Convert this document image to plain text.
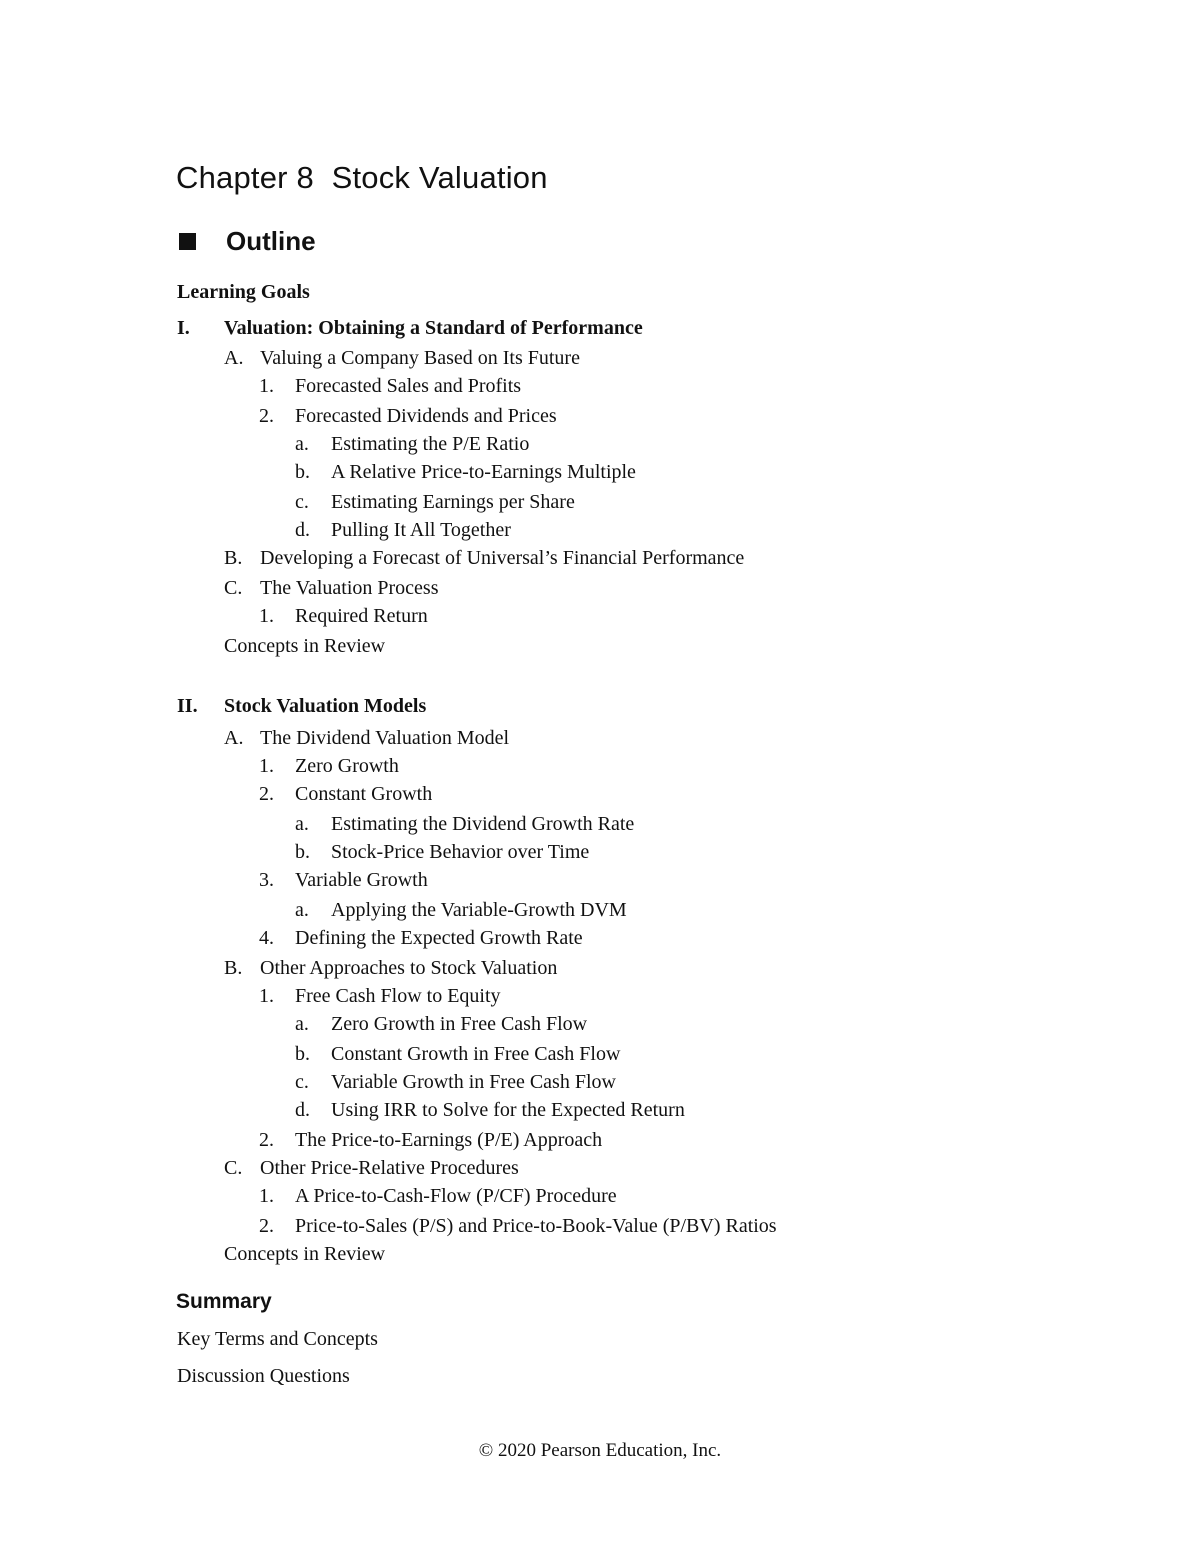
Chapter 8  Stock Valuation
Outline
Learning Goals
I. Valuation: Obtaining a Standard of Performance
A. Valuing a Company Based on Its Future
1. Forecasted Sales and Profits
2. Forecasted Dividends and Prices
a. Estimating the P/E Ratio
b. A Relative Price-to-Earnings Multiple
c. Estimating Earnings per Share
d. Pulling It All Together
B. Developing a Forecast of Universal’s Financial Performance
C. The Valuation Process
1. Required Return
Concepts in Review
II. Stock Valuation Models
A. The Dividend Valuation Model
1. Zero Growth
2. Constant Growth
a. Estimating the Dividend Growth Rate
b. Stock-Price Behavior over Time
3. Variable Growth
a. Applying the Variable-Growth DVM
4. Defining the Expected Growth Rate
B. Other Approaches to Stock Valuation
1. Free Cash Flow to Equity
a. Zero Growth in Free Cash Flow
b. Constant Growth in Free Cash Flow
c. Variable Growth in Free Cash Flow
d. Using IRR to Solve for the Expected Return
2. The Price-to-Earnings (P/E) Approach
C. Other Price-Relative Procedures
1. A Price-to-Cash-Flow (P/CF) Procedure
2. Price-to-Sales (P/S) and Price-to-Book-Value (P/BV) Ratios
Concepts in Review
Summary
Key Terms and Concepts
Discussion Questions
© 2020 Pearson Education, Inc.
